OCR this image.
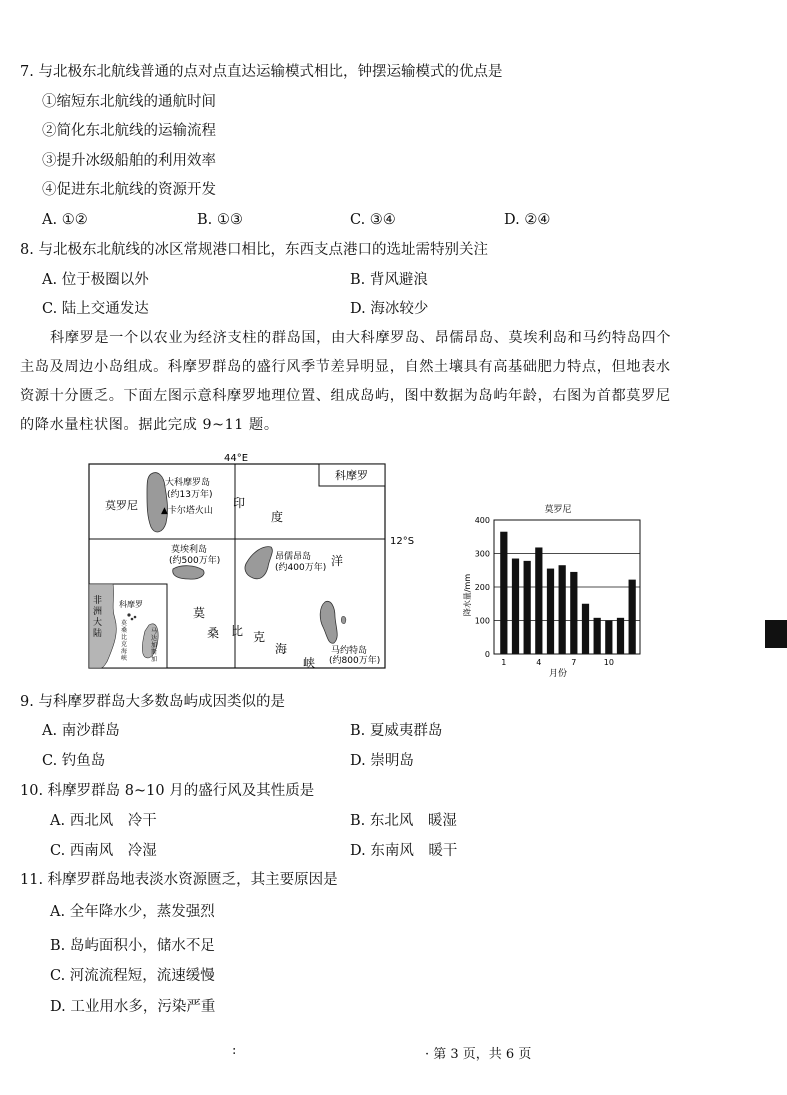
7. 与北极东北航线普通的点对点直达运输模式相比，钟摆运输模式的优点是
①缩短东北航线的通航时间
②简化东北航线的运输流程
③提升冰级船舶的利用效率
④促进东北航线的资源开发
A. ①②	B. ①③	C. ③④	D. ②④
8. 与北极东北航线的冰区常规港口相比，东西支点港口的选址需特别关注
A. 位于极圈以外	B. 背风避浪
C. 陆上交通发达	D. 海冰较少
科摩罗是一个以农业为经济支柱的群岛国，由大科摩罗岛、昂儒昂岛、莫埃利岛和马约特岛四个
主岛及周边小岛组成。科摩罗群岛的盛行风季节差异明显，自然土壤具有高基础肥力特点，但地表水
资源十分匮乏。下面左图示意科摩罗地理位置、组成岛屿，图中数据为岛屿年龄，右图为首都莫罗尼
的降水量柱状图。据此完成 9~11 题。
44°E
12°S
科摩罗
莫罗尼
大科摩罗岛
(约13万年)
▲卡尔塔火山
莫埃利岛
(约500万年)	昂儒昂岛
(约400万年)
马约特岛
(约800万年)
印
度
洋
莫
桑 比 克
海
峡
非
洲
大
陆
科摩罗
莫
桑
比
克
海
峡
马
达
加
斯
加
莫罗尼
降水量/mm
月份
0
100
200
300
400
1	4	7	10
9. 与科摩罗群岛大多数岛屿成因类似的是
A. 南沙群岛	B. 夏威夷群岛
C. 钓鱼岛	D. 崇明岛
10. 科摩罗群岛 8~10 月的盛行风及其性质是
A. 西北风　冷干	B. 东北风　暖湿
C. 西南风　冷湿	D. 东南风　暖干
11. 科摩罗群岛地表淡水资源匮乏，其主要原因是
A. 全年降水少，蒸发强烈
B. 岛屿面积小，储水不足
C. 河流流程短，流速缓慢
D. 工业用水多，污染严重
:	· 第 3 页，共 6 页
